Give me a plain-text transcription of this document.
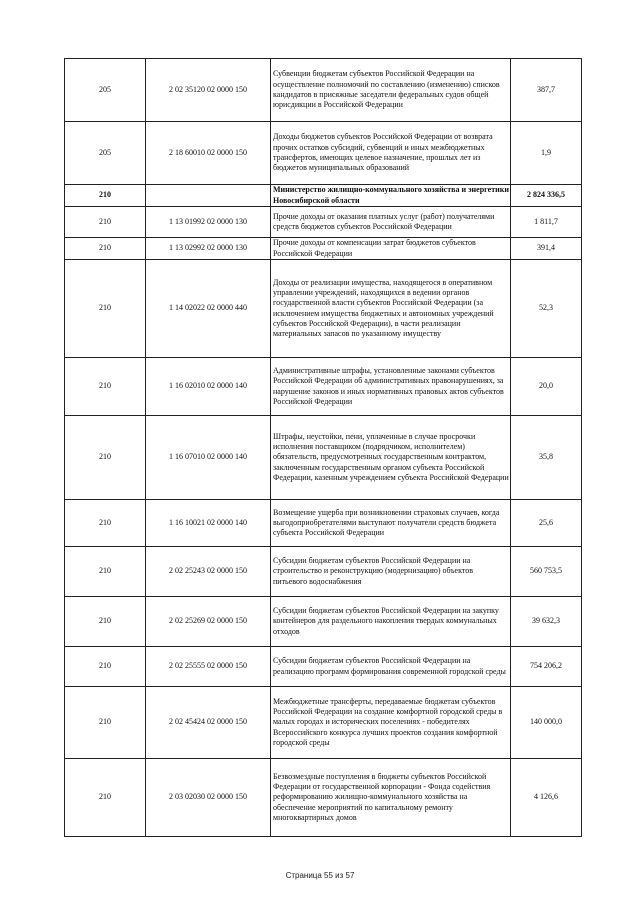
205	2 02 35120 02 0000 150	Субвенции бюджетам субъектов Российской Федерации на осуществление полномочий по составлению (изменению) списков кандидатов в присяжные заседатели федеральных судов общей юрисдикции в Российской Федерации	387,7
205	2 18 60010 02 0000 150	Доходы бюджетов субъектов Российской Федерации от возврата прочих остатков субсидий, субвенций и иных межбюджетных трансфертов, имеющих целевое назначение, прошлых лет из бюджетов муниципальных образований	1,9
210		Министерство жилищно-коммунального хозяйства и энергетики Новосибирской области	2 824 336,5
210	1 13 01992 02 0000 130	Прочие доходы от оказания платных услуг (работ) получателями средств бюджетов субъектов Российской Федерации	1 811,7
210	1 13 02992 02 0000 130	Прочие доходы от компенсации затрат бюджетов субъектов Российской Федерации	391,4
210	1 14 02022 02 0000 440	Доходы от реализации имущества, находящегося в оперативном управлении учреждений, находящихся в ведении органов государственной власти субъектов Российской Федерации (за исключением имущества бюджетных и автономных учреждений субъектов Российской Федерации), в части реализации материальных запасов по указанному имуществу	52,3
210	1 16 02010 02 0000 140	Административные штрафы, установленные законами субъектов Российской Федерации об административных правонарушениях, за нарушение законов и иных нормативных правовых актов субъектов Российской Федерации	20,0
210	1 16 07010 02 0000 140	Штрафы, неустойки, пени, уплаченные в случае просрочки исполнения поставщиком (подрядчиком, исполнителем) обязательств, предусмотренных государственным контрактом, заключенным государственным органом субъекта Российской Федерации, казенным учреждением субъекта Российской Федерации	35,8
210	1 16 10021 02 0000 140	Возмещение ущерба при возникновении страховых случаев, когда выгодоприобретателями выступают получатели средств бюджета субъекта Российской Федерации	25,6
210	2 02 25243 02 0000 150	Субсидии бюджетам субъектов Российской Федерации на строительство и реконструкцию (модернизацию) объектов питьевого водоснабжения	560 753,5
210	2 02 25269 02 0000 150	Субсидии бюджетам субъектов Российской Федерации на закупку контейнеров для раздельного накопления твердых коммунальных отходов	39 632,3
210	2 02 25555 02 0000 150	Субсидии бюджетам субъектов Российской Федерации на реализацию программ формирования современной городской среды	754 206,2
210	2 02 45424 02 0000 150	Межбюджетные трансферты, передаваемые бюджетам субъектов Российской Федерации на создание комфортной городской среды в малых городах и исторических поселениях - победителях Всероссийского конкурса лучших проектов создания комфортной городской среды	140 000,0
210	2 03 02030 02 0000 150	Безвозмездные поступления в бюджеты субъектов Российской Федерации от государственной корпорации - Фонда содействия реформированию жилищно-коммунального хозяйства на обеспечение мероприятий по капитальному ремонту многоквартирных домов	4 126,6
Страница 55 из 57
